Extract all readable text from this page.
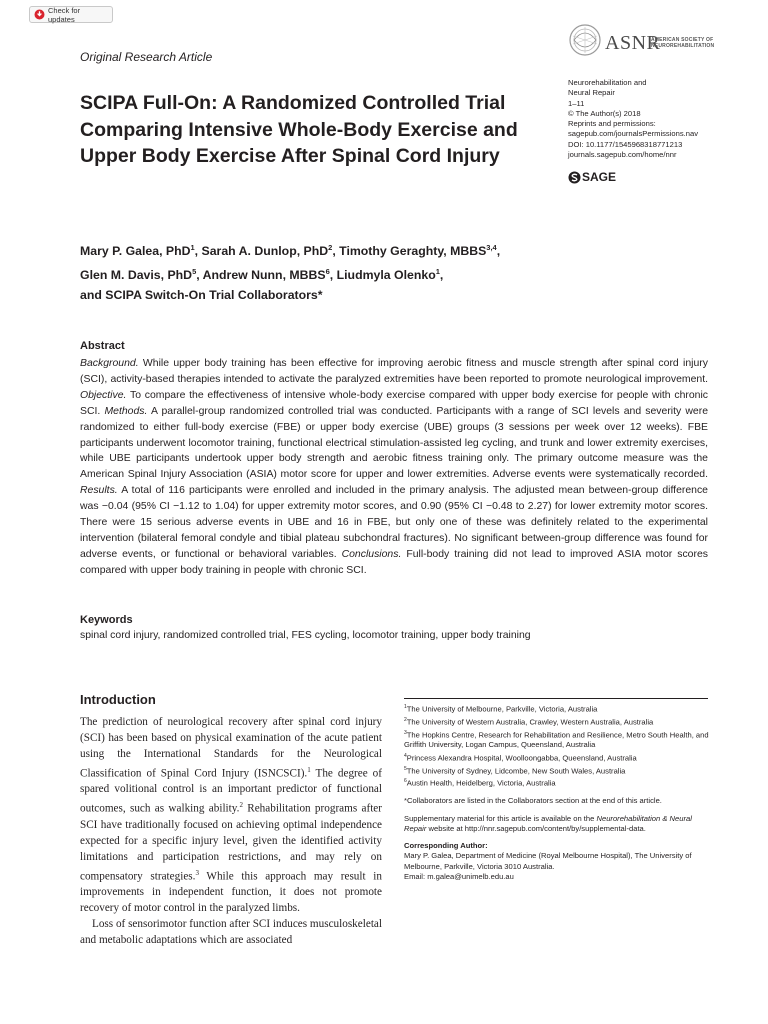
Check for updates
Original Research Article
ASNR
AMERICAN SOCIETY OF
NEUROREHABILITATION
Neurorehabilitation and
Neural Repair
1–11
© The Author(s) 2018
Reprints and permissions:
sagepub.com/journalsPermissions.nav
DOI: 10.1177/1545968318771213
journals.sagepub.com/home/nnr
SAGE
SCIPA Full-On: A Randomized Controlled Trial Comparing Intensive Whole-Body Exercise and Upper Body Exercise After Spinal Cord Injury
Mary P. Galea, PhD$^1$, Sarah A. Dunlop, PhD$^2$, Timothy Geraghty, MBBS$^{3,4}$,
Glen M. Davis, PhD$^5$, Andrew Nunn, MBBS$^6$, Liudmyla Olenko$^1$,
and SCIPA Switch-On Trial Collaborators*
Abstract
Background. While upper body training has been effective for improving aerobic fitness and muscle strength after spinal cord injury (SCI), activity-based therapies intended to activate the paralyzed extremities have been reported to promote neurological improvement. Objective. To compare the effectiveness of intensive whole-body exercise compared with upper body exercise for people with chronic SCI. Methods. A parallel-group randomized controlled trial was conducted. Participants with a range of SCI levels and severity were randomized to either full-body exercise (FBE) or upper body exercise (UBE) groups (3 sessions per week over 12 weeks). FBE participants underwent locomotor training, functional electrical stimulation-assisted leg cycling, and trunk and lower extremity exercises, while UBE participants undertook upper body strength and aerobic fitness training only. The primary outcome measure was the American Spinal Injury Association (ASIA) motor score for upper and lower extremities. Adverse events were systematically recorded. Results. A total of 116 participants were enrolled and included in the primary analysis. The adjusted mean between-group difference was −0.04 (95% CI −1.12 to 1.04) for upper extremity motor scores, and 0.90 (95% CI −0.48 to 2.27) for lower extremity motor scores. There were 15 serious adverse events in UBE and 16 in FBE, but only one of these was definitely related to the experimental intervention (bilateral femoral condyle and tibial plateau subchondral fractures). No significant between-group difference was found for adverse events, or functional or behavioral variables. Conclusions. Full-body training did not lead to improved ASIA motor scores compared with upper body training in people with chronic SCI.
Keywords
spinal cord injury, randomized controlled trial, FES cycling, locomotor training, upper body training
Introduction

The prediction of neurological recovery after spinal cord injury (SCI) has been based on physical examination of the acute patient using the International Standards for the Neurological Classification of Spinal Cord Injury (ISNCSCI).$^1$ The degree of spared volitional control is an important predictor of functional outcomes, such as walking ability.$^2$ Rehabilitation programs after SCI have traditionally focused on achieving optimal independence expected for a specific injury level, given the identified activity limitations and participation restrictions, and may rely on compensatory strategies.$^3$ While this approach may result in improvements in independent function, it does not promote recovery of motor control in the paralyzed limbs.

Loss of sensorimotor function after SCI induces musculoskeletal and metabolic adaptations which are associated

$^1$The University of Melbourne, Parkville, Victoria, Australia

$^2$The University of Western Australia, Crawley, Western Australia, Australia

$^3$The Hopkins Centre, Research for Rehabilitation and Resilience, Metro South Health, and Griffith University, Logan Campus, Queensland, Australia

$^4$Princess Alexandra Hospital, Woolloongabba, Queensland, Australia

$^5$The University of Sydney, Lidcombe, New South Wales, Australia

$^6$Austin Health, Heidelberg, Victoria, Australia

*Collaborators are listed in the Collaborators section at the end of this article.

Supplementary material for this article is available on the Neurorehabilitation & Neural Repair website at http://nnr.sagepub.com/content/by/supplemental-data.

Corresponding Author:

Mary P. Galea, Department of Medicine (Royal Melbourne Hospital), The University of Melbourne, Parkville, Victoria 3010 Australia.

Email: m.galea@unimelb.edu.au
